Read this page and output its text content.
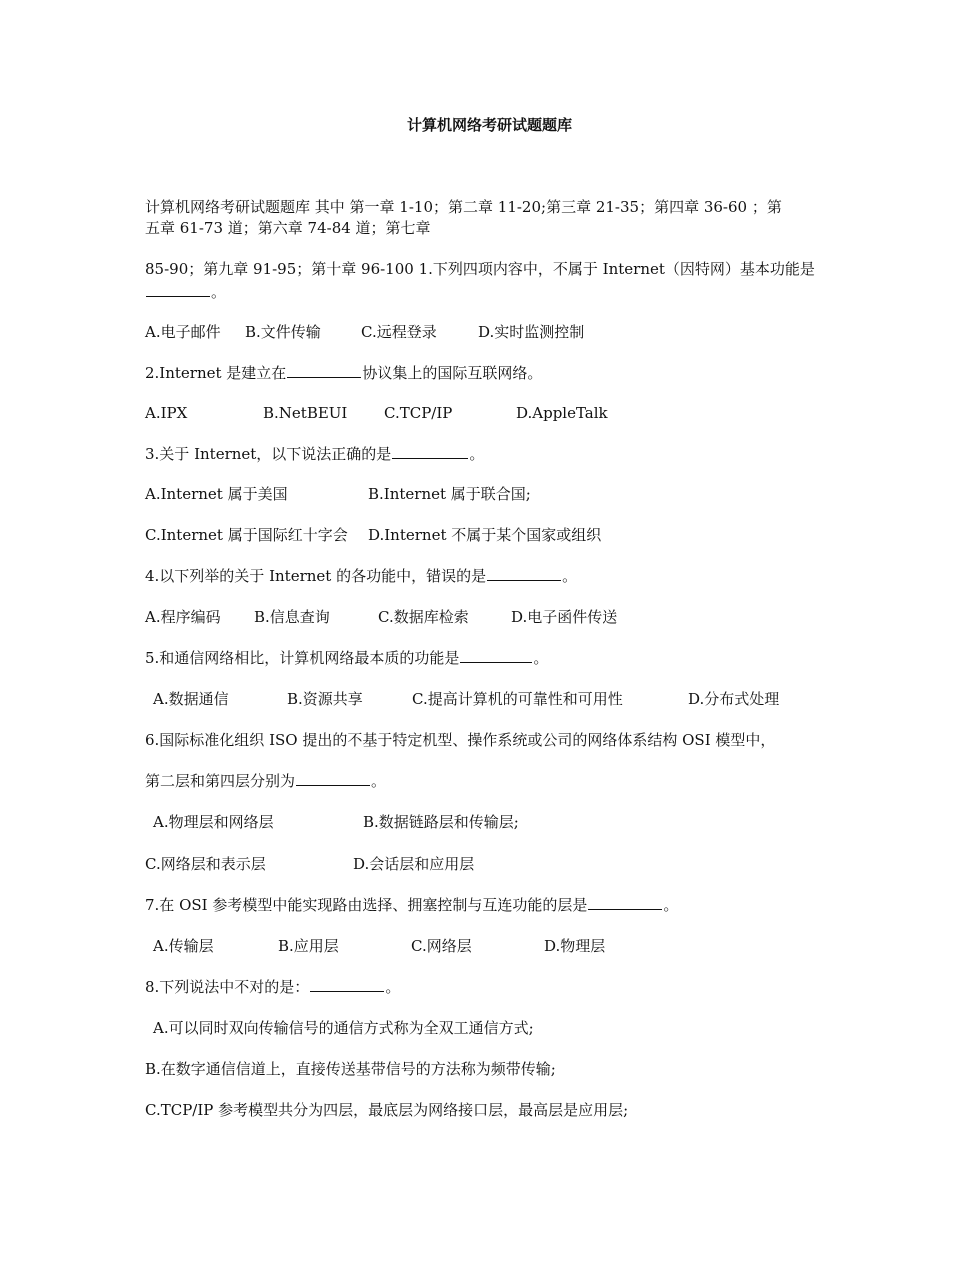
计算机网络考研试题题库
计算机网络考研试题题库 其中 第一章 1-10；第二章 11-20;第三章 21-35；第四章 36-60 ；第
五章 61-73 道；第六章 74-84 道；第七章
85-90；第九章 91-95；第十章 96-100 1.下列四项内容中，不属于 Internet（因特网）基本功能是
。
A.电子邮件 B.文件传输	C.远程登录	D.实时监测控制
2.Internet 是建立在	协议集上的国际互联网络。
A.IPX	B.NetBEUI C.TCP/IP	D.AppleTalk
3.关于 Internet，以下说法正确的是	。
A.Internet 属于美国	B.Internet 属于联合国;
C.Internet 属于国际红十字会 D.Internet 不属于某个国家或组织
4.以下列举的关于 Internet 的各功能中，错误的是	。
A.程序编码 B.信息查询	C.数据库检索	D.电子函件传送
5.和通信网络相比，计算机网络最本质的功能是	。
A.数据通信	B.资源共享	C.提高计算机的可靠性和可用性	D.分布式处理
6.国际标准化组织 ISO 提出的不基于特定机型、操作系统或公司的网络体系结构 OSI 模型中，
第二层和第四层分别为	。
A.物理层和网络层	B.数据链路层和传输层;
C.网络层和表示层	D.会话层和应用层
7.在 OSI 参考模型中能实现路由选择、拥塞控制与互连功能的层是	。
A.传输层	B.应用层	C.网络层	D.物理层
8.下列说法中不对的是：	。
A.可以同时双向传输信号的通信方式称为全双工通信方式;
B.在数字通信信道上，直接传送基带信号的方法称为频带传输;
C.TCP/IP 参考模型共分为四层，最底层为网络接口层，最高层是应用层;
